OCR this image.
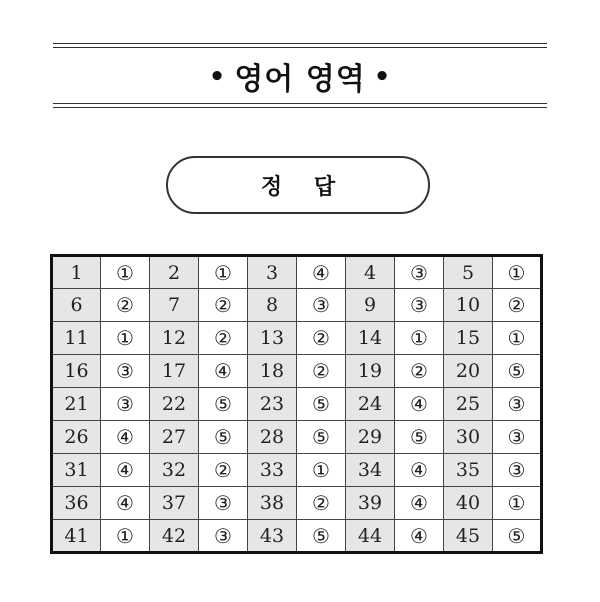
• 영어 영역 •
정 답
1	①	2	①	3	④	4	③	5	①
6	②	7	②	8	③	9	③	10	②
11	①	12	②	13	②	14	①	15	①
16	③	17	④	18	②	19	②	20	⑤
21	③	22	⑤	23	⑤	24	④	25	③
26	④	27	⑤	28	⑤	29	⑤	30	③
31	④	32	②	33	①	34	④	35	③
36	④	37	③	38	②	39	④	40	①
41	①	42	③	43	⑤	44	④	45	⑤
